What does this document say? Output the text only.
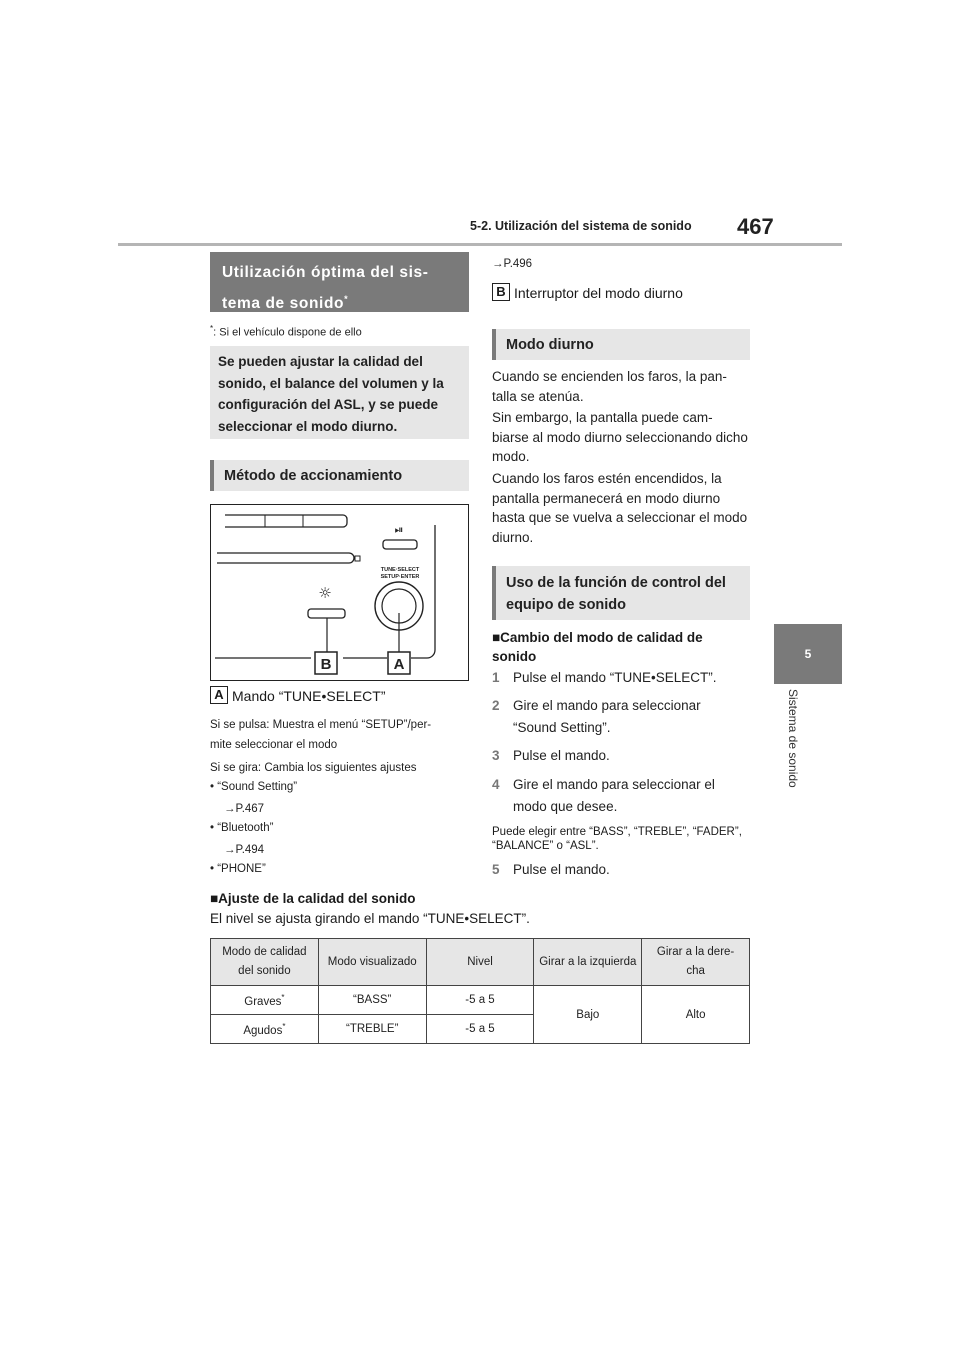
5-2. Utilización del sistema de sonido 467
5
Sistema de sonido
Utilización óptima del sis-
tema de sonido*
*: Si el vehículo dispone de ello
Se pueden ajustar la calidad del sonido, el balance del volumen y la configuración del ASL, y se puede seleccionar el modo diurno.
Método de accionamiento
⏯
TUNE·SELECT
SETUP·ENTER
☼
B	A
A Mando “TUNE•SELECT”
Si se pulsa: Muestra el menú “SETUP”/per-
mite seleccionar el modo
Si se gira: Cambia los siguientes ajustes
• “Sound Setting”
→P.467
• “Bluetooth”
→P.494
• “PHONE”
■Ajuste de la calidad del sonido
El nivel se ajusta girando el mando “TUNE•SELECT”.
→P.496
B Interruptor del modo diurno
Modo diurno
Cuando se encienden los faros, la pan- talla se atenúa.
Sin embargo, la pantalla puede cam- biarse al modo diurno seleccionando dicho modo.
Cuando los faros estén encendidos, la pantalla permanecerá en modo diurno hasta que se vuelva a seleccionar el modo diurno.
Uso de la función de control del equipo de sonido
■Cambio del modo de calidad de sonido
1 Pulse el mando “TUNE•SELECT”.
2 Gire el mando para seleccionar
“Sound Setting”.
3 Pulse el mando.
4 Gire el mando para seleccionar el
modo que desee.
Puede elegir entre “BASS”, “TREBLE”, “FADER”, “BALANCE” o “ASL”.
5 Pulse el mando.
Modo de calidad del sonido	Modo visualizado	Nivel	Girar a la izquierda	Girar a la dere- cha
Graves*	“BASS”	-5 a 5	Bajo	Alto
Agudos*	“TREBLE”	-5 a 5		
